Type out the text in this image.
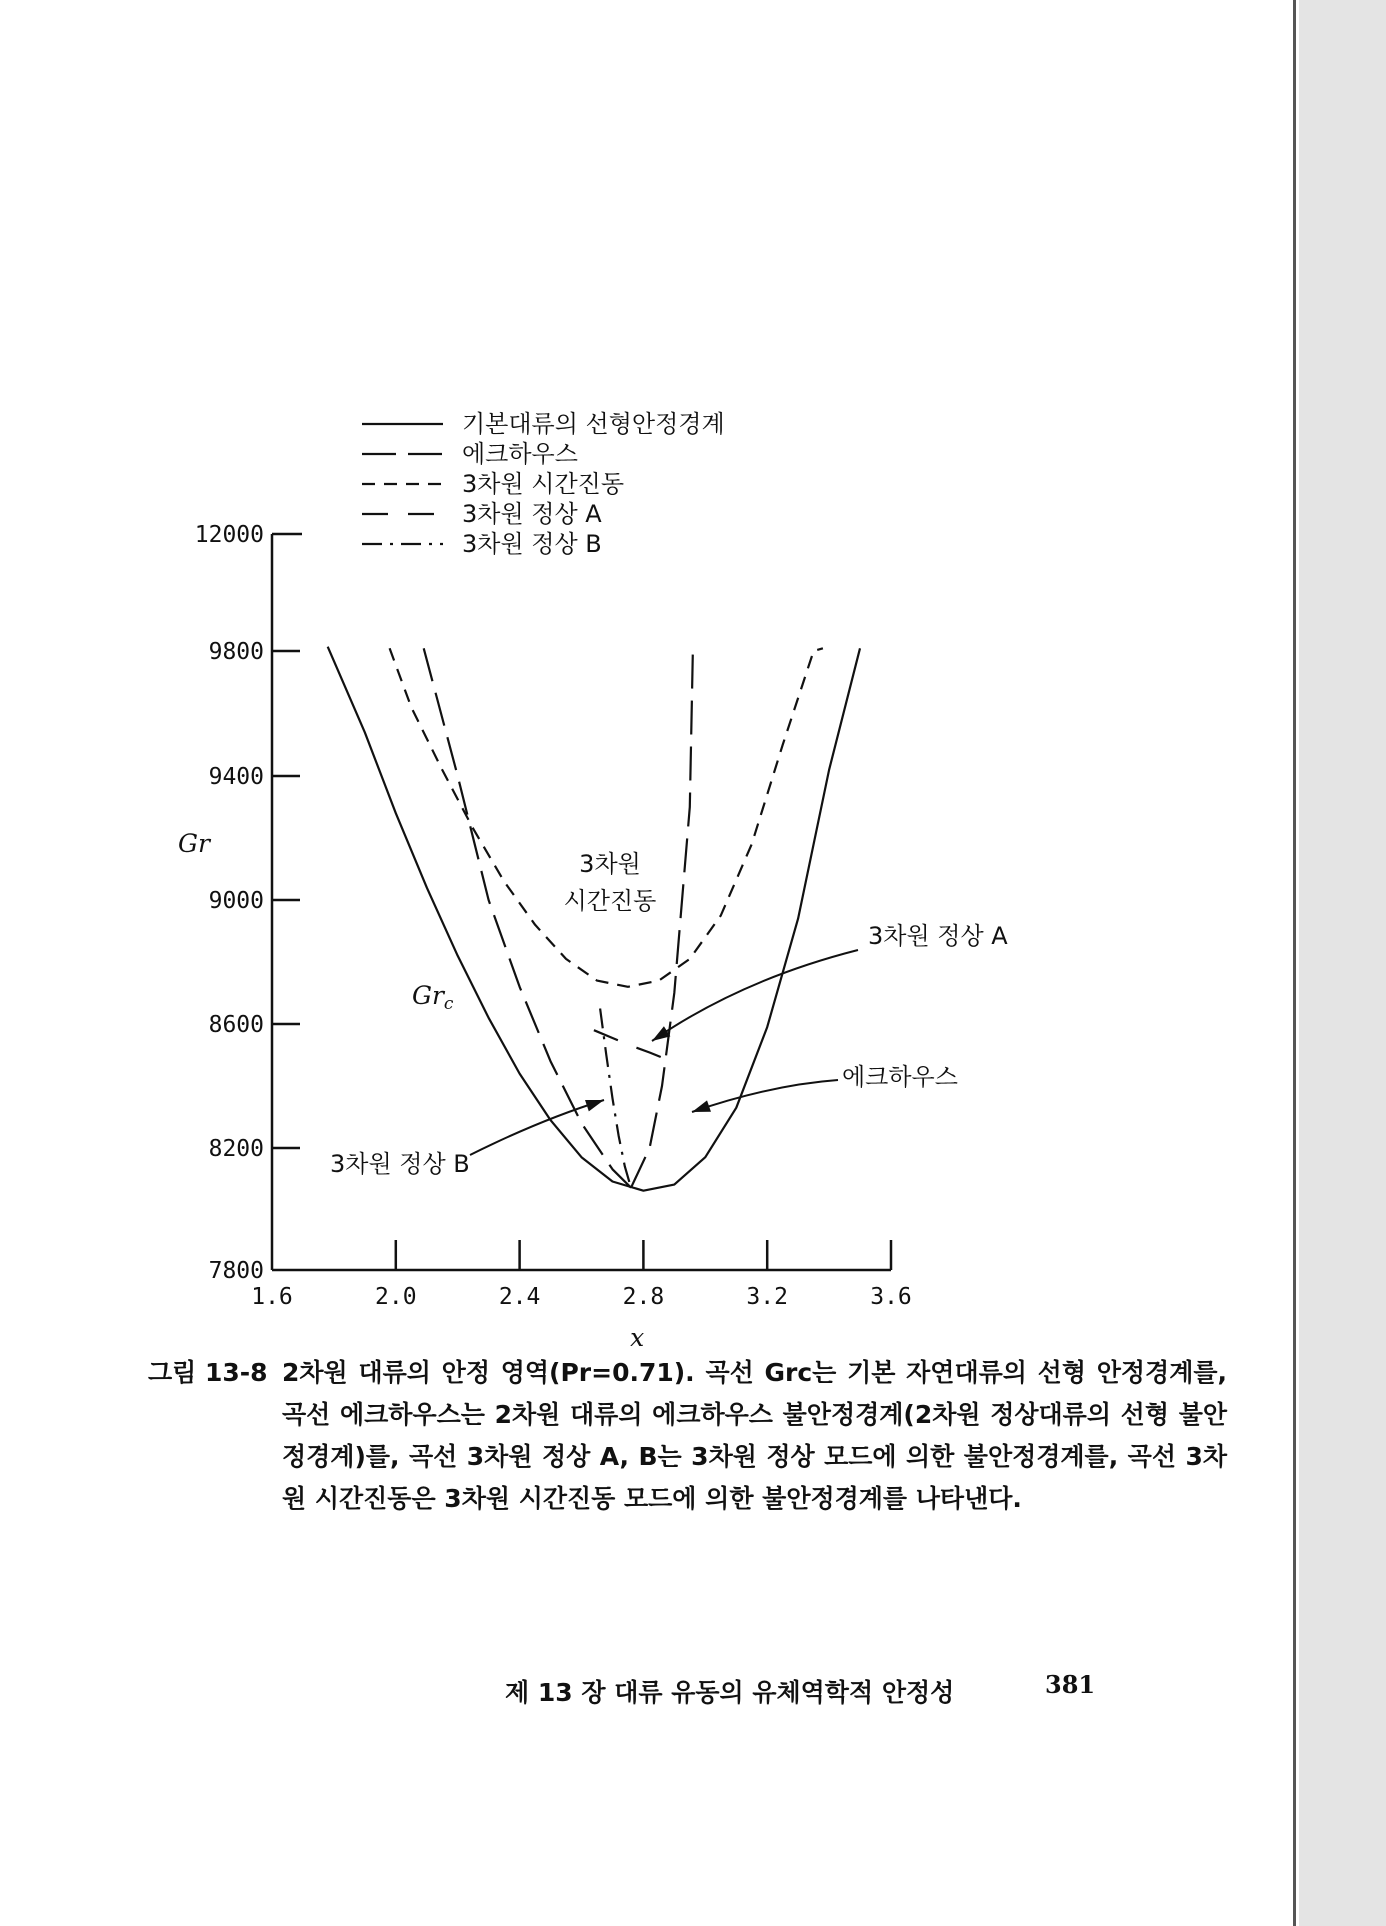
12000
9800
9400
9000
8600
8200
7800
1.6	2.0	2.4	2.8	3.2	3.6
x
Gr
기본대류의 선형안정경계
에크하우스
3차원 시간진동
3차원 정상 A
3차원 정상 B
3차원
시간진동
3차원 정상 A
에크하우스
3차원 정상 B
$Gr_c$
그림 13-8 2차원 대류의 안정 영역(Pr=0.71). 곡선 Grc는 기본 자연대류의 선형 안정경계를, 곡선 에크하우스는 2차원 대류의 에크하우스 불안정경계(2차원 정상대류의 선형 불안정경계)를, 곡선 3차원 정상 A, B는 3차원 정상 모드에 의한 불안정경계를, 곡선 3차원 시간진동은 3차원 시간진동 모드에 의한 불안정경계를 나타낸다.
제 13 장 대류 유동의 유체역학적 안정성	381
